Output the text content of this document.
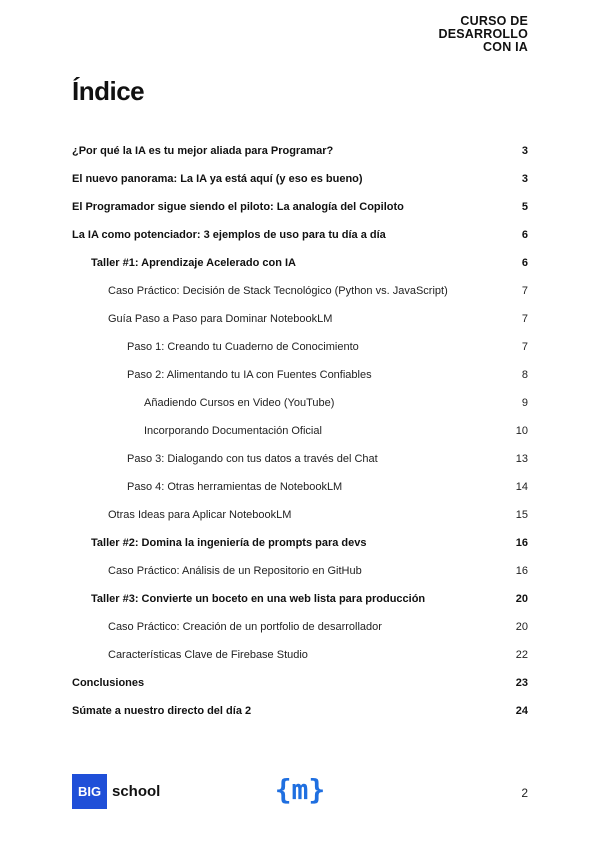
CURSO DE
DESARROLLO
CON IA
Índice
¿Por qué la IA es tu mejor aliada para Programar?	3
El nuevo panorama: La IA ya está aquí (y eso es bueno)	3
El Programador sigue siendo el piloto: La analogía del Copiloto	5
La IA como potenciador: 3 ejemplos de uso para tu día a día	6
Taller #1: Aprendizaje Acelerado con IA	6
Caso Práctico: Decisión de Stack Tecnológico (Python vs. JavaScript)	7
Guía Paso a Paso para Dominar NotebookLM	7
Paso 1: Creando tu Cuaderno de Conocimiento	7
Paso 2: Alimentando tu IA con Fuentes Confiables	8
Añadiendo Cursos en Video (YouTube)	9
Incorporando Documentación Oficial	10
Paso 3: Dialogando con tus datos a través del Chat	13
Paso 4: Otras herramientas de NotebookLM	14
Otras Ideas para Aplicar NotebookLM	15
Taller #2: Domina la ingeniería de prompts para devs	16
Caso Práctico: Análisis de un Repositorio en GitHub	16
Taller #3: Convierte un boceto en una web lista para producción	20
Caso Práctico: Creación de un portfolio de desarrollador	20
Características Clave de Firebase Studio	22
Conclusiones	23
Súmate a nuestro directo del día 2	24
BIG school	{m}	2
